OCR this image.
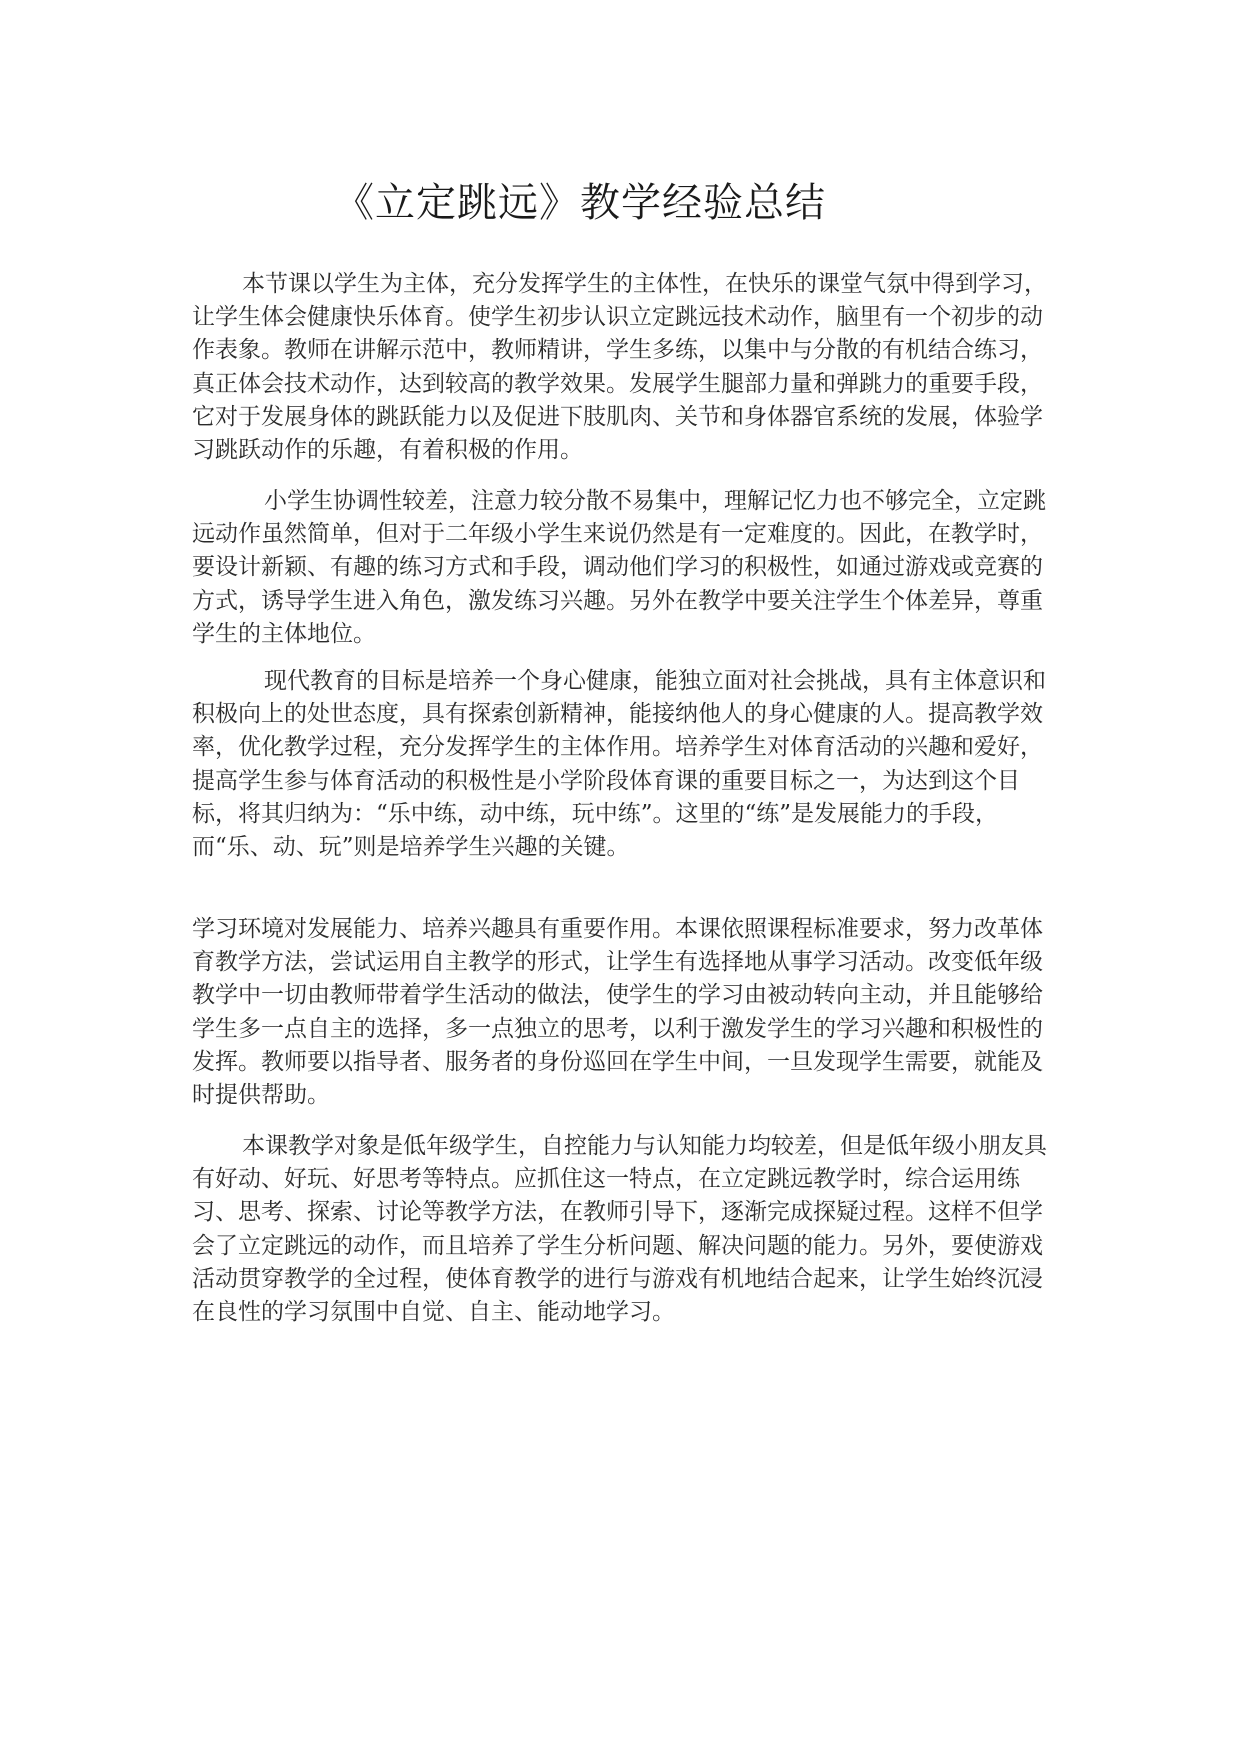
《立定跳远》教学经验总结

本节课以学生为主体，充分发挥学生的主体性，在快乐的课堂气氛中得到学习，让学生体会健康快乐体育。使学生初步认识立定跳远技术动作，脑里有一个初步的动作表象。教师在讲解示范中，教师精讲，学生多练，以集中与分散的有机结合练习，真正体会技术动作，达到较高的教学效果。发展学生腿部力量和弹跳力的重要手段，它对于发展身体的跳跃能力以及促进下肢肌肉、关节和身体器官系统的发展，体验学习跳跃动作的乐趣，有着积极的作用。

小学生协调性较差，注意力较分散不易集中，理解记忆力也不够完全，立定跳远动作虽然简单，但对于二年级小学生来说仍然是有一定难度的。因此，在教学时，要设计新颖、有趣的练习方式和手段，调动他们学习的积极性，如通过游戏或竞赛的方式，诱导学生进入角色，激发练习兴趣。另外在教学中要关注学生个体差异，尊重学生的主体地位。

现代教育的目标是培养一个身心健康，能独立面对社会挑战，具有主体意识和积极向上的处世态度，具有探索创新精神，能接纳他人的身心健康的人。提高教学效率，优化教学过程，充分发挥学生的主体作用。培养学生对体育活动的兴趣和爱好，提高学生参与体育活动的积极性是小学阶段体育课的重要目标之一，为达到这个目标，将其归纳为：“乐中练，动中练，玩中练”。这里的“练”是发展能力的手段，而“乐、动、玩”则是培养学生兴趣的关键。

学习环境对发展能力、培养兴趣具有重要作用。本课依照课程标准要求，努力改革体育教学方法，尝试运用自主教学的形式，让学生有选择地从事学习活动。改变低年级教学中一切由教师带着学生活动的做法，使学生的学习由被动转向主动，并且能够给学生多一点自主的选择，多一点独立的思考，以利于激发学生的学习兴趣和积极性的发挥。教师要以指导者、服务者的身份巡回在学生中间，一旦发现学生需要，就能及时提供帮助。

本课教学对象是低年级学生，自控能力与认知能力均较差，但是低年级小朋友具有好动、好玩、好思考等特点。应抓住这一特点，在立定跳远教学时，综合运用练习、思考、探索、讨论等教学方法，在教师引导下，逐渐完成探疑过程。这样不但学会了立定跳远的动作，而且培养了学生分析问题、解决问题的能力。另外，要使游戏活动贯穿教学的全过程，使体育教学的进行与游戏有机地结合起来，让学生始终沉浸在良性的学习氛围中自觉、自主、能动地学习。
